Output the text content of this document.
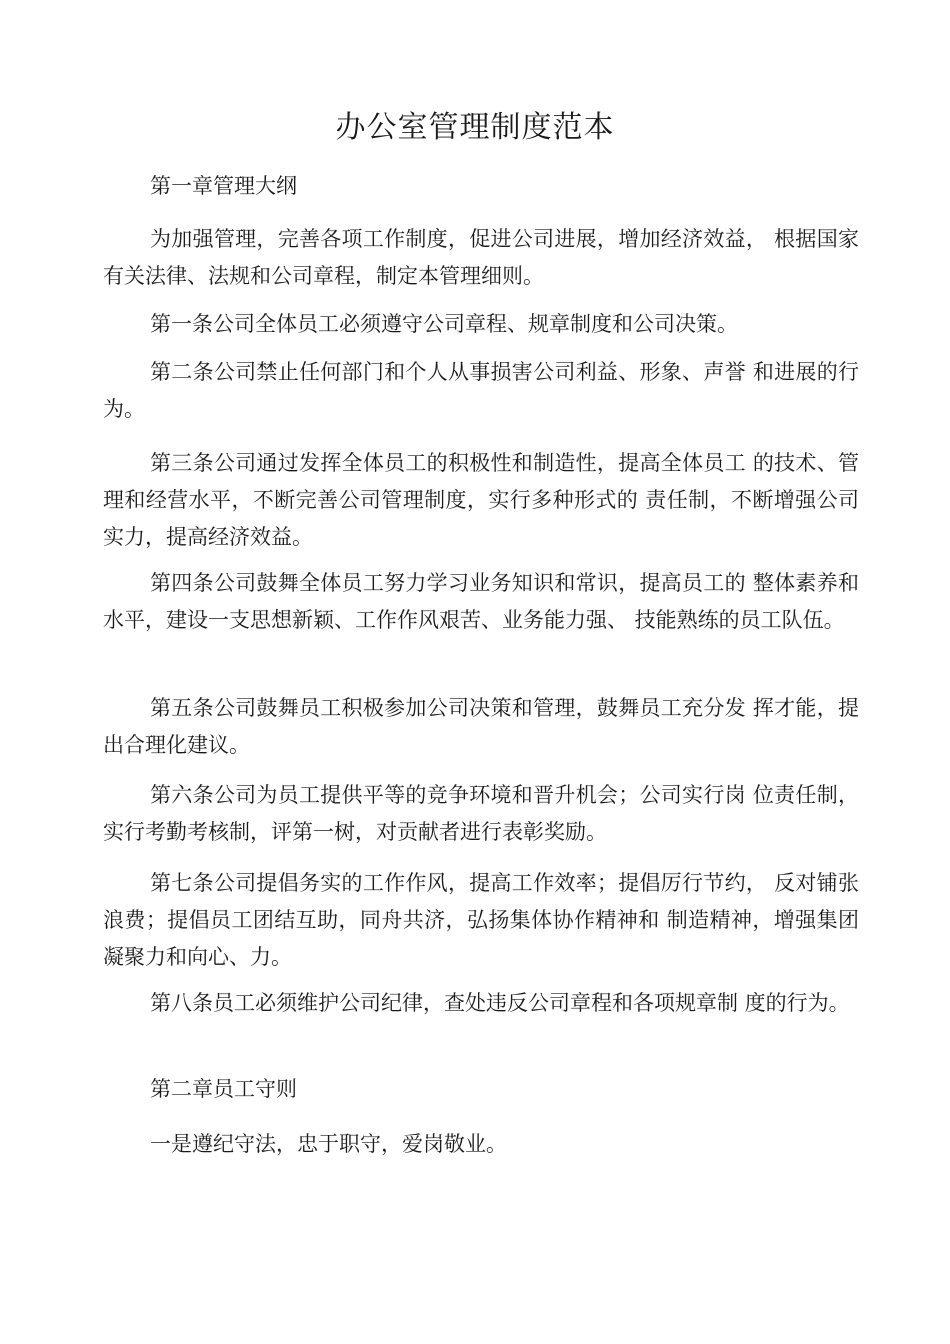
办公室管理制度范本
第一章管理大纲
为加强管理，完善各项工作制度，促进公司进展，增加经济效益， 根据国家有关法律、法规和公司章程，制定本管理细则。
第一条公司全体员工必须遵守公司章程、规章制度和公司决策。
第二条公司禁止任何部门和个人从事损害公司利益、形象、声誉 和进展的行为。
第三条公司通过发挥全体员工的积极性和制造性，提高全体员工 的技术、管理和经营水平，不断完善公司管理制度，实行多种形式的 责任制，不断增强公司实力，提高经济效益。
第四条公司鼓舞全体员工努力学习业务知识和常识，提高员工的 整体素养和水平，建设一支思想新颖、工作作风艰苦、业务能力强、 技能熟练的员工队伍。
第五条公司鼓舞员工积极参加公司决策和管理，鼓舞员工充分发 挥才能，提出合理化建议。
第六条公司为员工提供平等的竞争环境和晋升机会；公司实行岗 位责任制，实行考勤考核制，评第一树，对贡献者进行表彰奖励。
第七条公司提倡务实的工作作风，提高工作效率；提倡厉行节约， 反对铺张浪费；提倡员工团结互助，同舟共济，弘扬集体协作精神和 制造精神，增强集团凝聚力和向心、力。
第八条员工必须维护公司纪律，查处违反公司章程和各项规章制 度的行为。
第二章员工守则
一是遵纪守法，忠于职守，爱岗敬业。
